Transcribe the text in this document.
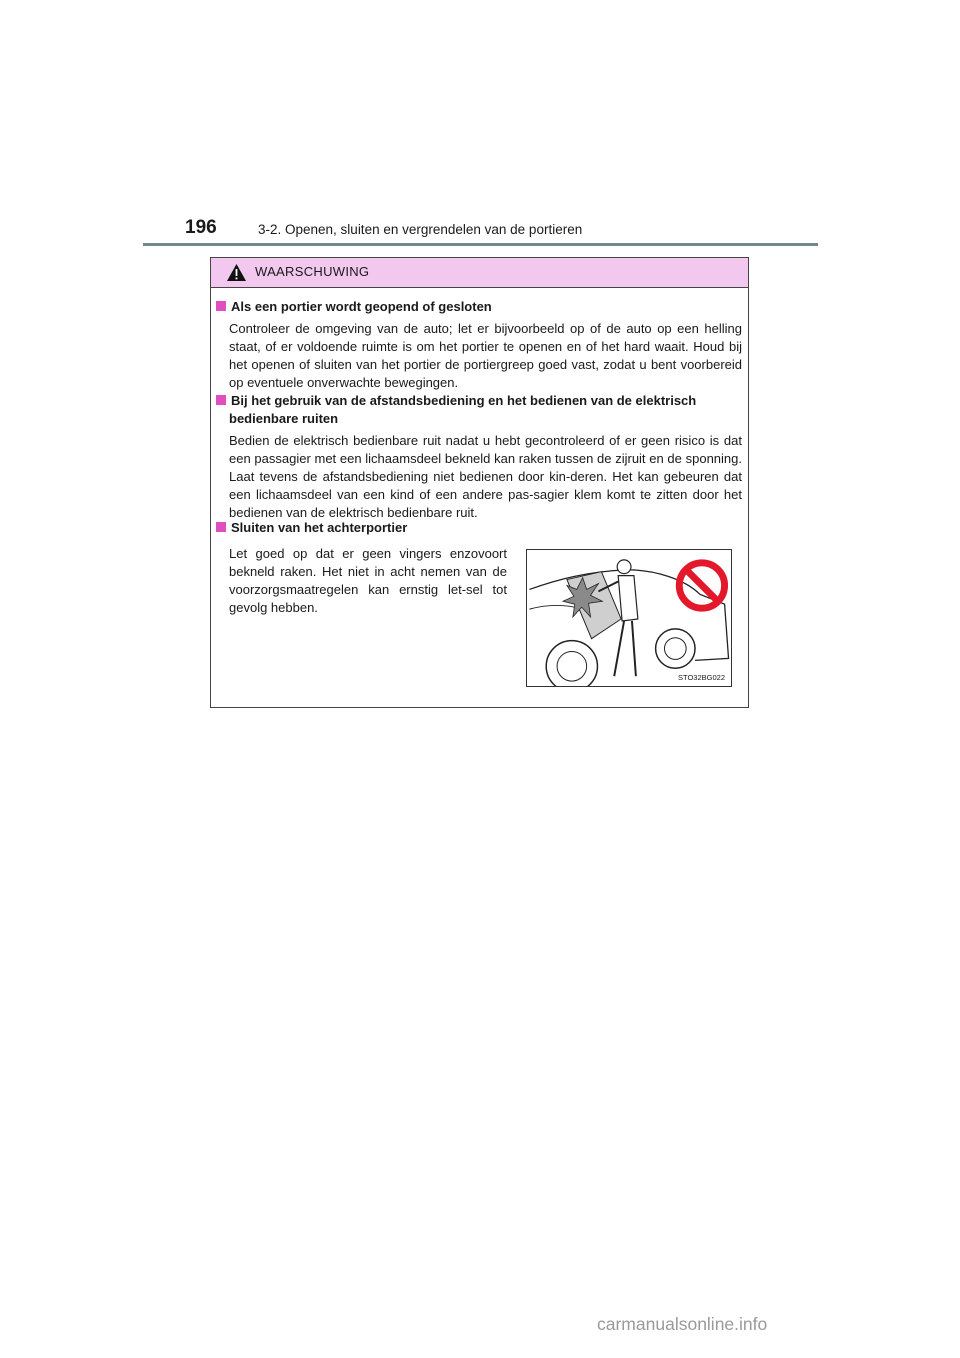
196	3-2. Openen, sluiten en vergrendelen van de portieren
WAARSCHUWING
Als een portier wordt geopend of gesloten
Controleer de omgeving van de auto; let er bijvoorbeeld op of de auto op een helling staat, of er voldoende ruimte is om het portier te openen en of het hard waait. Houd bij het openen of sluiten van het portier de portiergreep goed vast, zodat u bent voorbereid op eventuele onverwachte bewegingen.
Bij het gebruik van de afstandsbediening en het bedienen van de elektrisch
bedienbare ruiten
Bedien de elektrisch bedienbare ruit nadat u hebt gecontroleerd of er geen risico is dat een passagier met een lichaamsdeel bekneld kan raken tussen de zijruit en de sponning. Laat tevens de afstandsbediening niet bedienen door kin-deren. Het kan gebeuren dat een lichaamsdeel van een kind of een andere pas-sagier klem komt te zitten door het bedienen van de elektrisch bedienbare ruit.
Sluiten van het achterportier
Let goed op dat er geen vingers enzovoort bekneld raken. Het niet in acht nemen van de voorzorgsmaatregelen kan ernstig let-sel tot gevolg hebben.
STO32BG022
carmanualsonline.info
